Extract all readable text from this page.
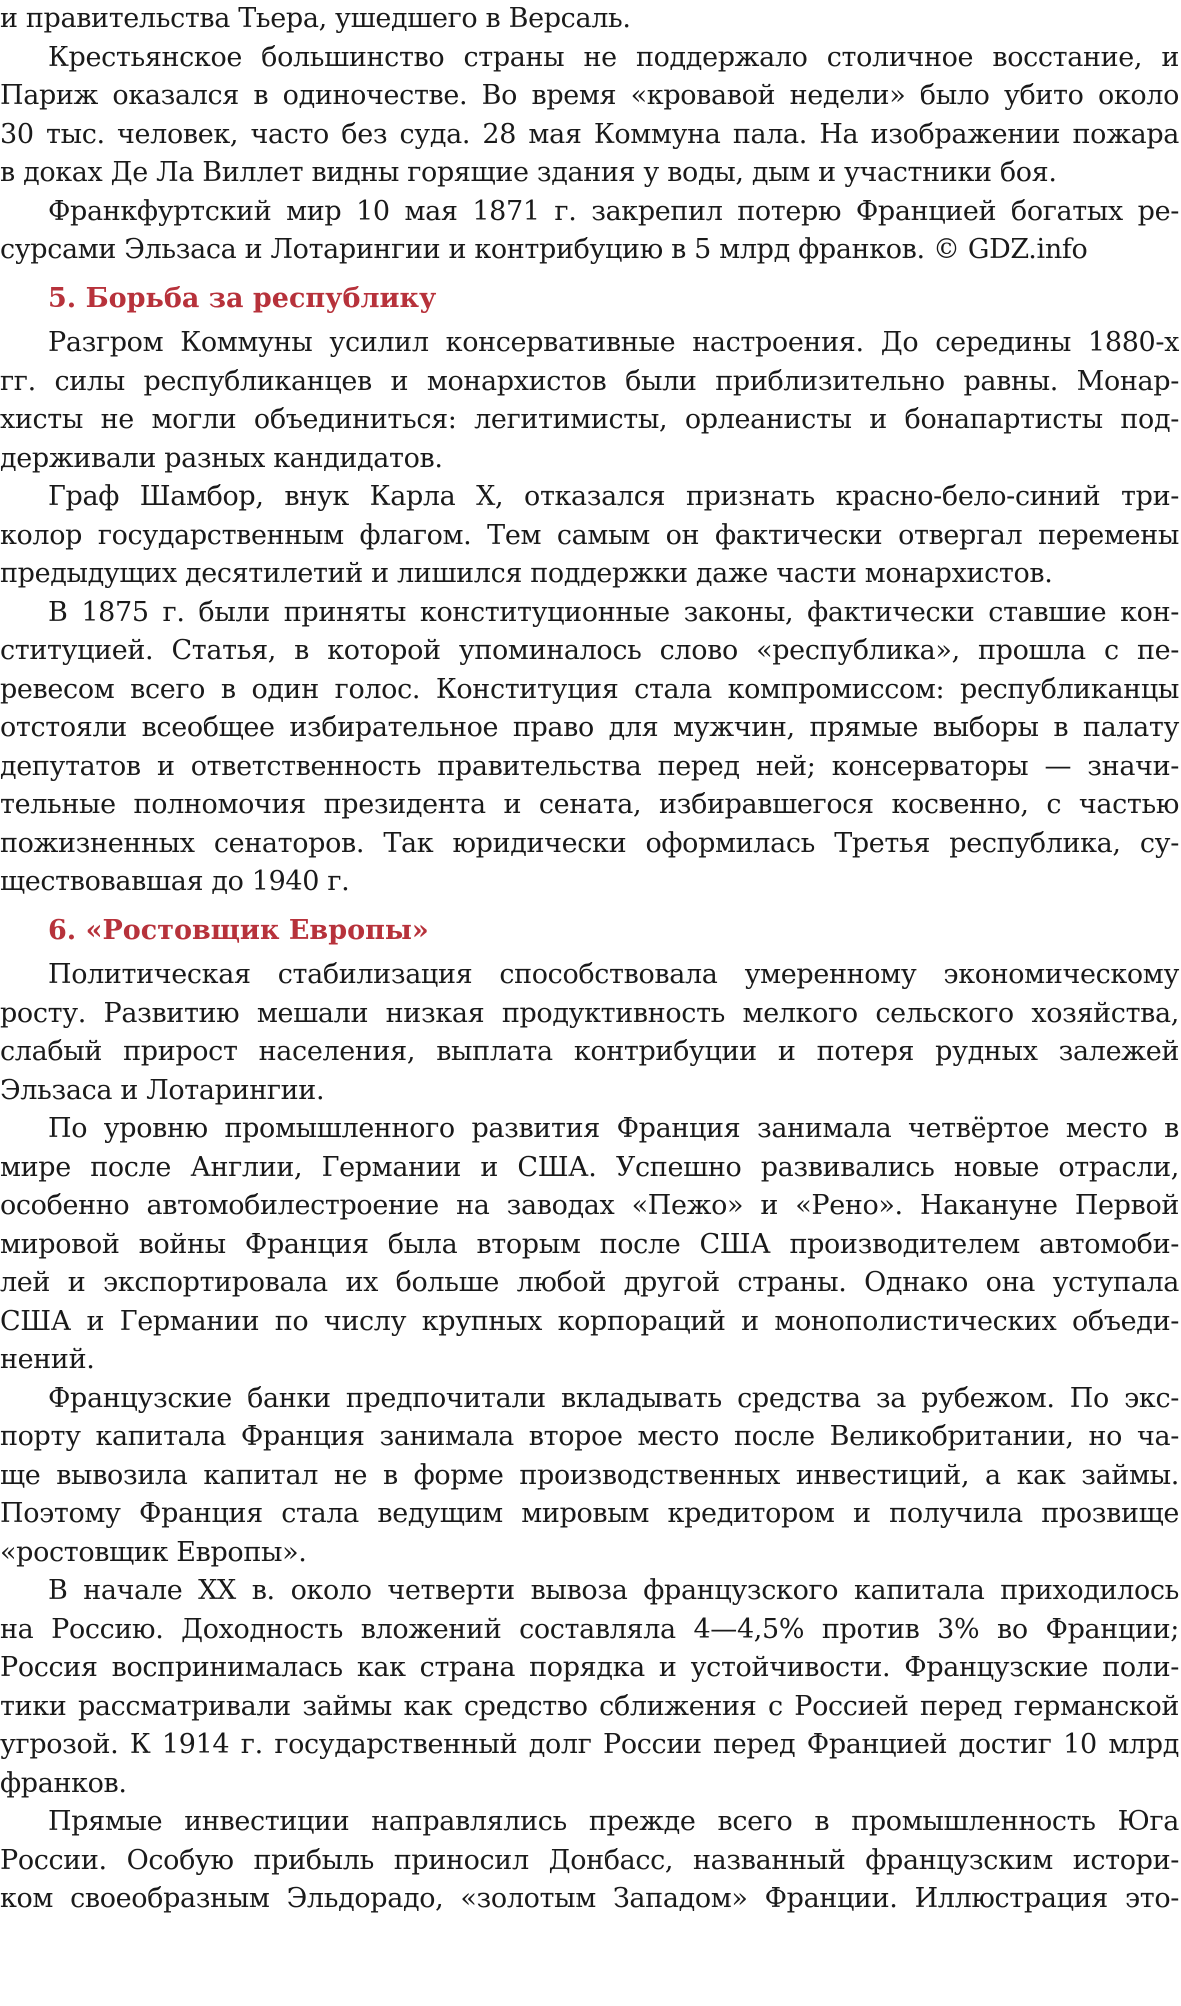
и правительства Тьера, ушедшего в Версаль.
Крестьянское большинство страны не поддержало столичное восстание, и
Париж оказался в одиночестве. Во время «кровавой недели» было убито около
30 тыс. человек, часто без суда. 28 мая Коммуна пала. На изображении пожара
в доках Де Ла Виллет видны горящие здания у воды, дым и участники боя.
Франкфуртский мир 10 мая 1871 г. закрепил потерю Францией богатых ре-
сурсами Эльзаса и Лотарингии и контрибуцию в 5 млрд франков. © GDZ.info
5. Борьба за республику
Разгром Коммуны усилил консервативные настроения. До середины 1880-х
гг. силы республиканцев и монархистов были приблизительно равны. Монар-
хисты не могли объединиться: легитимисты, орлеанисты и бонапартисты под-
держивали разных кандидатов.
Граф Шамбор, внук Карла X, отказался признать красно-бело-синий три-
колор государственным флагом. Тем самым он фактически отвергал перемены
предыдущих десятилетий и лишился поддержки даже части монархистов.
В 1875 г. были приняты конституционные законы, фактически ставшие кон-
ституцией. Статья, в которой упоминалось слово «республика», прошла с пе-
ревесом всего в один голос. Конституция стала компромиссом: республиканцы
отстояли всеобщее избирательное право для мужчин, прямые выборы в палату
депутатов и ответственность правительства перед ней; консерваторы — значи-
тельные полномочия президента и сената, избиравшегося косвенно, с частью
пожизненных сенаторов. Так юридически оформилась Третья республика, су-
ществовавшая до 1940 г.
6. «Ростовщик Европы»
Политическая стабилизация способствовала умеренному экономическому
росту. Развитию мешали низкая продуктивность мелкого сельского хозяйства,
слабый прирост населения, выплата контрибуции и потеря рудных залежей
Эльзаса и Лотарингии.
По уровню промышленного развития Франция занимала четвёртое место в
мире после Англии, Германии и США. Успешно развивались новые отрасли,
особенно автомобилестроение на заводах «Пежо» и «Рено». Накануне Первой
мировой войны Франция была вторым после США производителем автомоби-
лей и экспортировала их больше любой другой страны. Однако она уступала
США и Германии по числу крупных корпораций и монополистических объеди-
нений.
Французские банки предпочитали вкладывать средства за рубежом. По экс-
порту капитала Франция занимала второе место после Великобритании, но ча-
ще вывозила капитал не в форме производственных инвестиций, а как займы.
Поэтому Франция стала ведущим мировым кредитором и получила прозвище
«ростовщик Европы».
В начале XX в. около четверти вывоза французского капитала приходилось
на Россию. Доходность вложений составляла 4—4,5% против 3% во Франции;
Россия воспринималась как страна порядка и устойчивости. Французские поли-
тики рассматривали займы как средство сближения с Россией перед германской
угрозой. К 1914 г. государственный долг России перед Францией достиг 10 млрд
франков.
Прямые инвестиции направлялись прежде всего в промышленность Юга
России. Особую прибыль приносил Донбасс, названный французским истори-
ком своеобразным Эльдорадо, «золотым Западом» Франции. Иллюстрация это-
